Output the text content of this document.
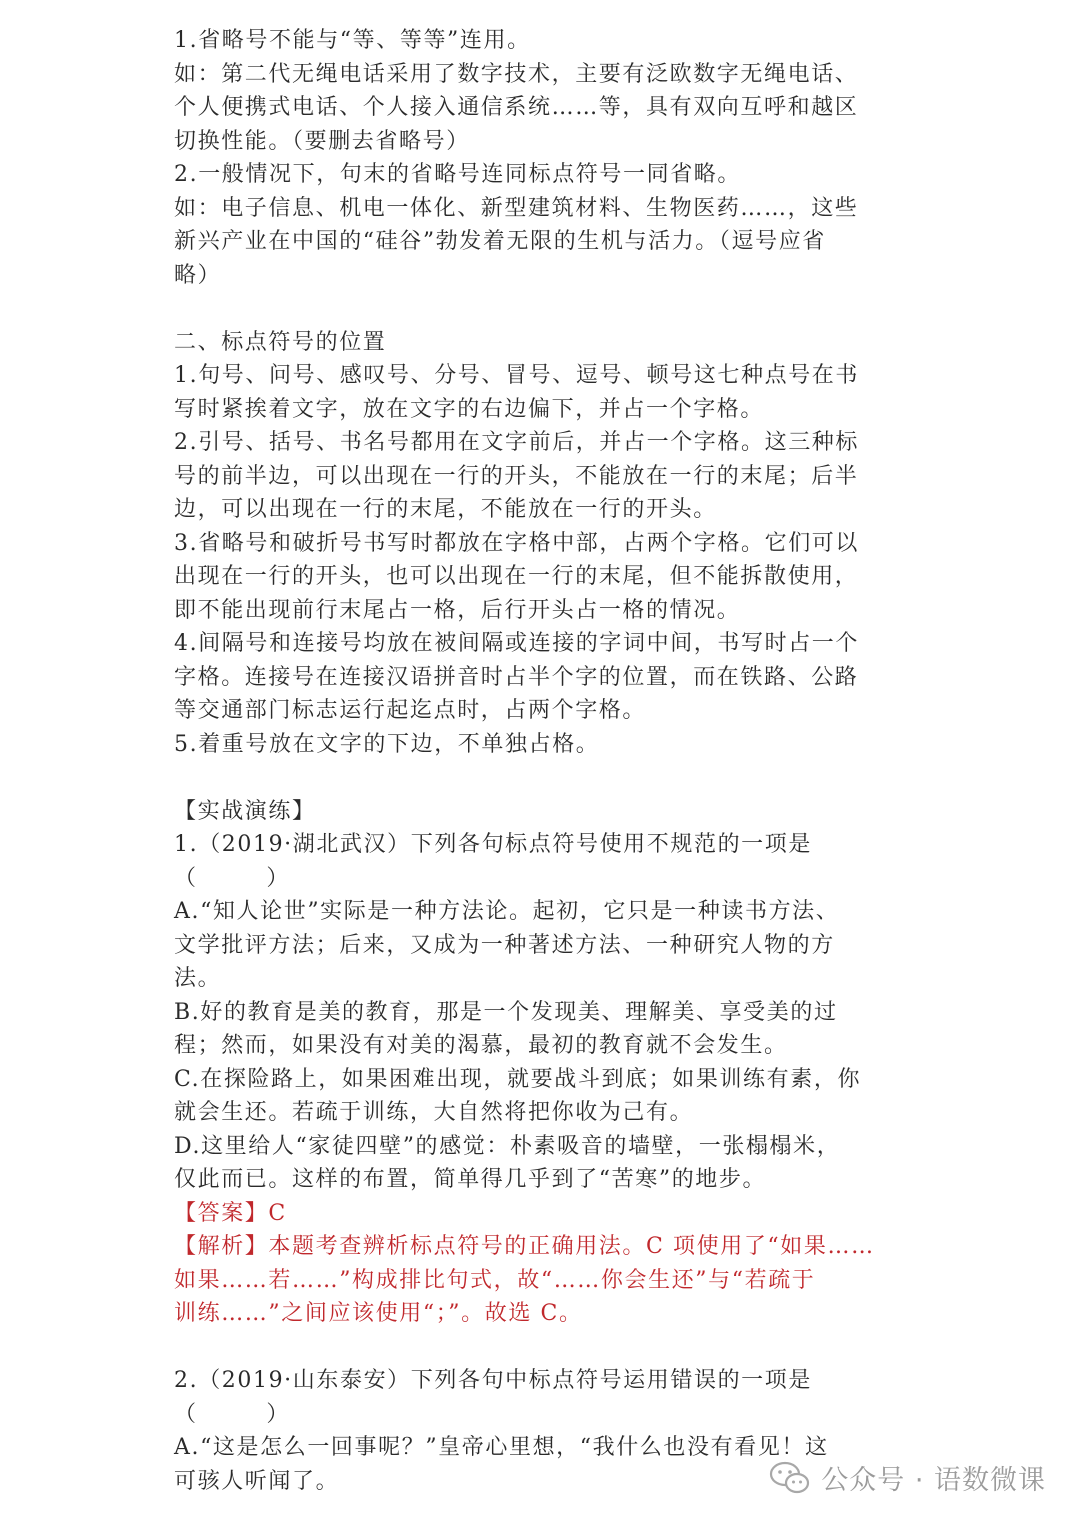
1.省略号不能与“等、等等”连用。
如：第二代无绳电话采用了数字技术，主要有泛欧数字无绳电话、
个人便携式电话、个人接入通信系统……等，具有双向互呼和越区
切换性能。（要删去省略号）
2.一般情况下，句末的省略号连同标点符号一同省略。
如：电子信息、机电一体化、新型建筑材料、生物医药……，这些
新兴产业在中国的“硅谷”勃发着无限的生机与活力。（逗号应省
略）
二、标点符号的位置
1.句号、问号、感叹号、分号、冒号、逗号、顿号这七种点号在书
写时紧挨着文字，放在文字的右边偏下，并占一个字格。
2.引号、括号、书名号都用在文字前后，并占一个字格。这三种标
号的前半边，可以出现在一行的开头，不能放在一行的末尾；后半
边，可以出现在一行的末尾，不能放在一行的开头。
3.省略号和破折号书写时都放在字格中部，占两个字格。它们可以
出现在一行的开头，也可以出现在一行的末尾，但不能拆散使用，
即不能出现前行末尾占一格，后行开头占一格的情况。
4.间隔号和连接号均放在被间隔或连接的字词中间，书写时占一个
字格。连接号在连接汉语拼音时占半个字的位置，而在铁路、公路
等交通部门标志运行起迄点时，占两个字格。
5.着重号放在文字的下边，不单独占格。
【实战演练】
1.（2019·湖北武汉）下列各句标点符号使用不规范的一项是
（        ）
A.“知人论世”实际是一种方法论。起初，它只是一种读书方法、
文学批评方法；后来，又成为一种著述方法、一种研究人物的方
法。
B.好的教育是美的教育，那是一个发现美、理解美、享受美的过
程；然而，如果没有对美的渴慕，最初的教育就不会发生。
C.在探险路上，如果困难出现，就要战斗到底；如果训练有素，你
就会生还。若疏于训练，大自然将把你收为己有。
D.这里给人“家徒四壁”的感觉：朴素吸音的墙壁，一张榻榻米，
仅此而已。这样的布置，简单得几乎到了“苦寒”的地步。
【答案】C
【解析】本题考查辨析标点符号的正确用法。C 项使用了“如果……
如果……若……”构成排比句式，故“……你会生还”与“若疏于
训练……”之间应该使用“；”。故选 C。
2.（2019·山东泰安）下列各句中标点符号运用错误的一项是
（        ）
A.“这是怎么一回事呢？”皇帝心里想，“我什么也没有看见！这
可骇人听闻了。	公众号 · 语数微课
